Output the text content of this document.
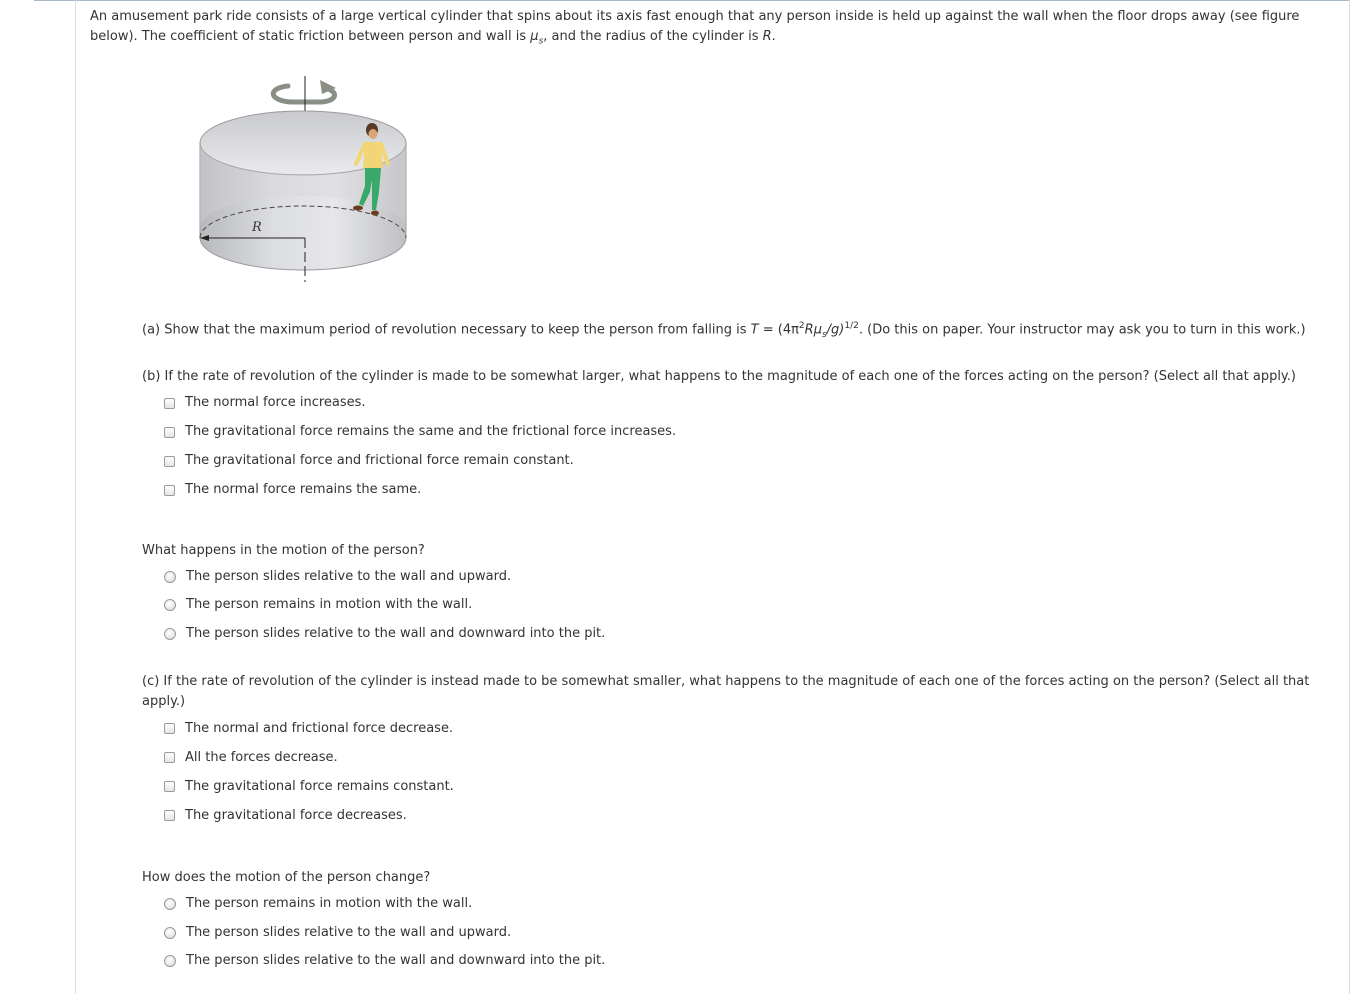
An amusement park ride consists of a large vertical cylinder that spins about its axis fast enough that any person inside is held up against the wall when the floor drops away (see figure below). The coefficient of static friction between person and wall is $\mu_s$, and the radius of the cylinder is R.
R
(a) Show that the maximum period of revolution necessary to keep the person from falling is $T = (4\pi^2R\mu_s/g)^{1/2}$. (Do this on paper. Your instructor may ask you to turn in this work.)
(b) If the rate of revolution of the cylinder is made to be somewhat larger, what happens to the magnitude of each one of the forces acting on the person? (Select all that apply.)
The normal force increases.
The gravitational force remains the same and the frictional force increases.
The gravitational force and frictional force remain constant.
The normal force remains the same.
What happens in the motion of the person?
The person slides relative to the wall and upward.
The person remains in motion with the wall.
The person slides relative to the wall and downward into the pit.
(c) If the rate of revolution of the cylinder is instead made to be somewhat smaller, what happens to the magnitude of each one of the forces acting on the person? (Select all that apply.)
The normal and frictional force decrease.
All the forces decrease.
The gravitational force remains constant.
The gravitational force decreases.
How does the motion of the person change?
The person remains in motion with the wall.
The person slides relative to the wall and upward.
The person slides relative to the wall and downward into the pit.
